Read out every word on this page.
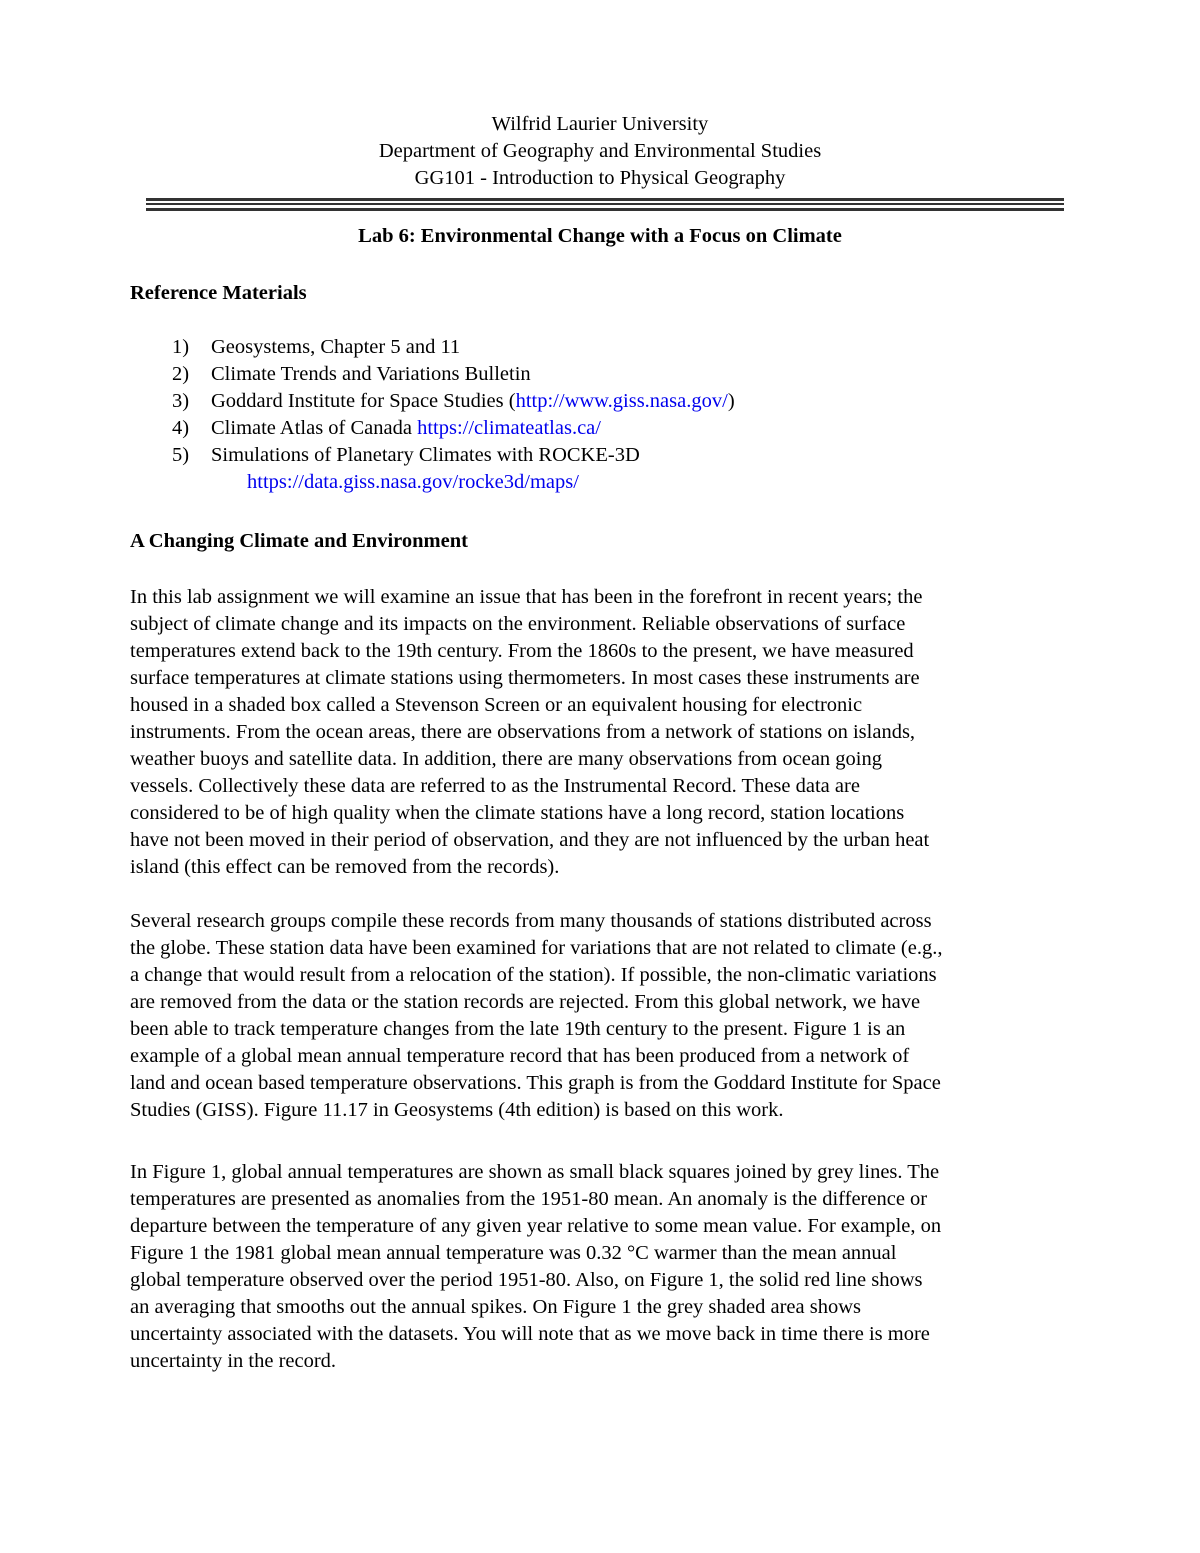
Wilfrid Laurier University
Department of Geography and Environmental Studies
GG101 - Introduction to Physical Geography
Lab 6: Environmental Change with a Focus on Climate
Reference Materials
1) Geosystems, Chapter 5 and 11
2) Climate Trends and Variations Bulletin
3) Goddard Institute for Space Studies (http://www.giss.nasa.gov/)
4) Climate Atlas of Canada https://climateatlas.ca/
5) Simulations of Planetary Climates with ROCKE-3D
https://data.giss.nasa.gov/rocke3d/maps/
A Changing Climate and Environment
In this lab assignment we will examine an issue that has been in the forefront in recent years; the
subject of climate change and its impacts on the environment. Reliable observations of surface
temperatures extend back to the 19th century. From the 1860s to the present, we have measured
surface temperatures at climate stations using thermometers. In most cases these instruments are
housed in a shaded box called a Stevenson Screen or an equivalent housing for electronic
instruments. From the ocean areas, there are observations from a network of stations on islands,
weather buoys and satellite data. In addition, there are many observations from ocean going
vessels. Collectively these data are referred to as the Instrumental Record. These data are
considered to be of high quality when the climate stations have a long record, station locations
have not been moved in their period of observation, and they are not influenced by the urban heat
island (this effect can be removed from the records).
Several research groups compile these records from many thousands of stations distributed across
the globe. These station data have been examined for variations that are not related to climate (e.g.,
a change that would result from a relocation of the station). If possible, the non-climatic variations
are removed from the data or the station records are rejected. From this global network, we have
been able to track temperature changes from the late 19th century to the present. Figure 1 is an
example of a global mean annual temperature record that has been produced from a network of
land and ocean based temperature observations. This graph is from the Goddard Institute for Space
Studies (GISS). Figure 11.17 in Geosystems (4th edition) is based on this work.
In Figure 1, global annual temperatures are shown as small black squares joined by grey lines. The
temperatures are presented as anomalies from the 1951-80 mean. An anomaly is the difference or
departure between the temperature of any given year relative to some mean value. For example, on
Figure 1 the 1981 global mean annual temperature was 0.32 °C warmer than the mean annual
global temperature observed over the period 1951-80. Also, on Figure 1, the solid red line shows
an averaging that smooths out the annual spikes. On Figure 1 the grey shaded area shows
uncertainty associated with the datasets. You will note that as we move back in time there is more
uncertainty in the record.
